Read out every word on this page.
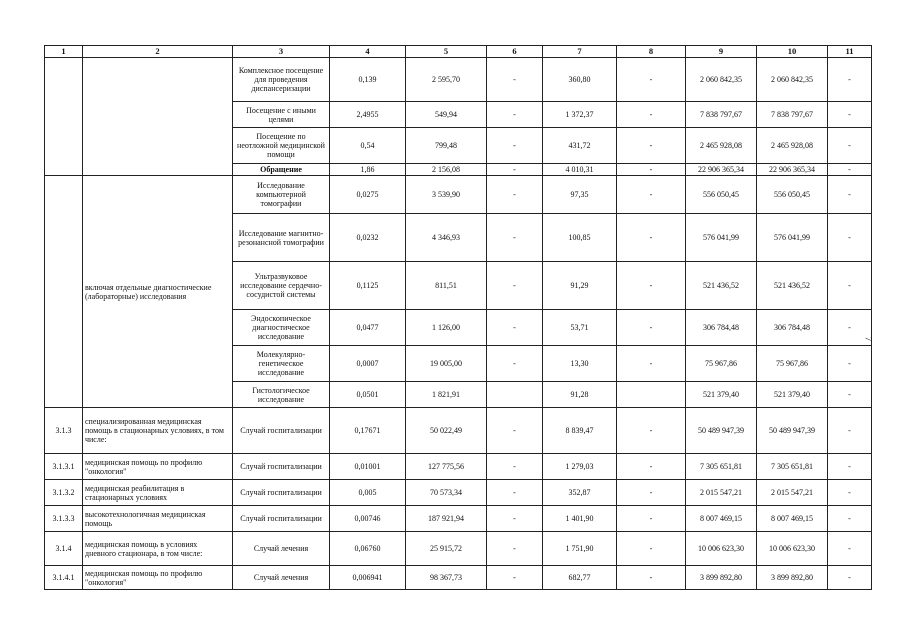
1	2	3	4	5	6	7	8	9	10	11
		Комплексное посещение для проведения диспансеризации	0,139	2 595,70	-	360,80	-	2 060 842,35	2 060 842,35	-
		Посещение с иными целями	2,4955	549,94	-	1 372,37	-	7 838 797,67	7 838 797,67	-
		Посещение по неотложной медицинской помощи	0,54	799,48	-	431,72	-	2 465 928,08	2 465 928,08	-
		Обращение	1,86	2 156,08	-	4 010,31	-	22 906 365,34	22 906 365,34	-
	включая отдельные диагностические (лабораторные) исследования	Исследование компьютерной томографии	0,0275	3 539,90	-	97,35	-	556 050,45	556 050,45	-
		Исследование магнитно-резонансной томографии	0,0232	4 346,93	-	100,85	-	576 041,99	576 041,99	-
		Ультразвуковое исследование сердечно-сосудистой системы	0,1125	811,51	-	91,29	-	521 436,52	521 436,52	-
		Эндоскопическое диагностическое исследование	0,0477	1 126,00	-	53,71	-	306 784,48	306 784,48	-
		Молекулярно-генетическое исследование	0,0007	19 005,00	-	13,30	-	75 967,86	75 967,86	-
		Гистологическое исследование	0,0501	1 821,91		91,28		521 379,40	521 379,40	-
3.1.3	специализированная медицинская помощь в стационарных условиях, в том числе:	Случай госпитализации	0,17671	50 022,49	-	8 839,47	-	50 489 947,39	50 489 947,39	-
3.1.3.1	медицинская помощь по профилю "онкология"	Случай госпитализации	0,01001	127 775,56	-	1 279,03	-	7 305 651,81	7 305 651,81	-
3.1.3.2	медицинская реабилитация в стационарных условиях	Случай госпитализации	0,005	70 573,34	-	352,87	-	2 015 547,21	2 015 547,21	-
3.1.3.3	высокотехнологичная медицинская помощь	Случай госпитализации	0,00746	187 921,94	-	1 401,90	-	8 007 469,15	8 007 469,15	-
3.1.4	медицинская помощь в условиях дневного стационара, в том числе:	Случай лечения	0,06760	25 915,72	-	1 751,90	-	10 006 623,30	10 006 623,30	-
3.1.4.1	медицинская помощь по профилю "онкология"	Случай лечения	0,006941	98 367,73	-	682,77	-	3 899 892,80	3 899 892,80	-
7
